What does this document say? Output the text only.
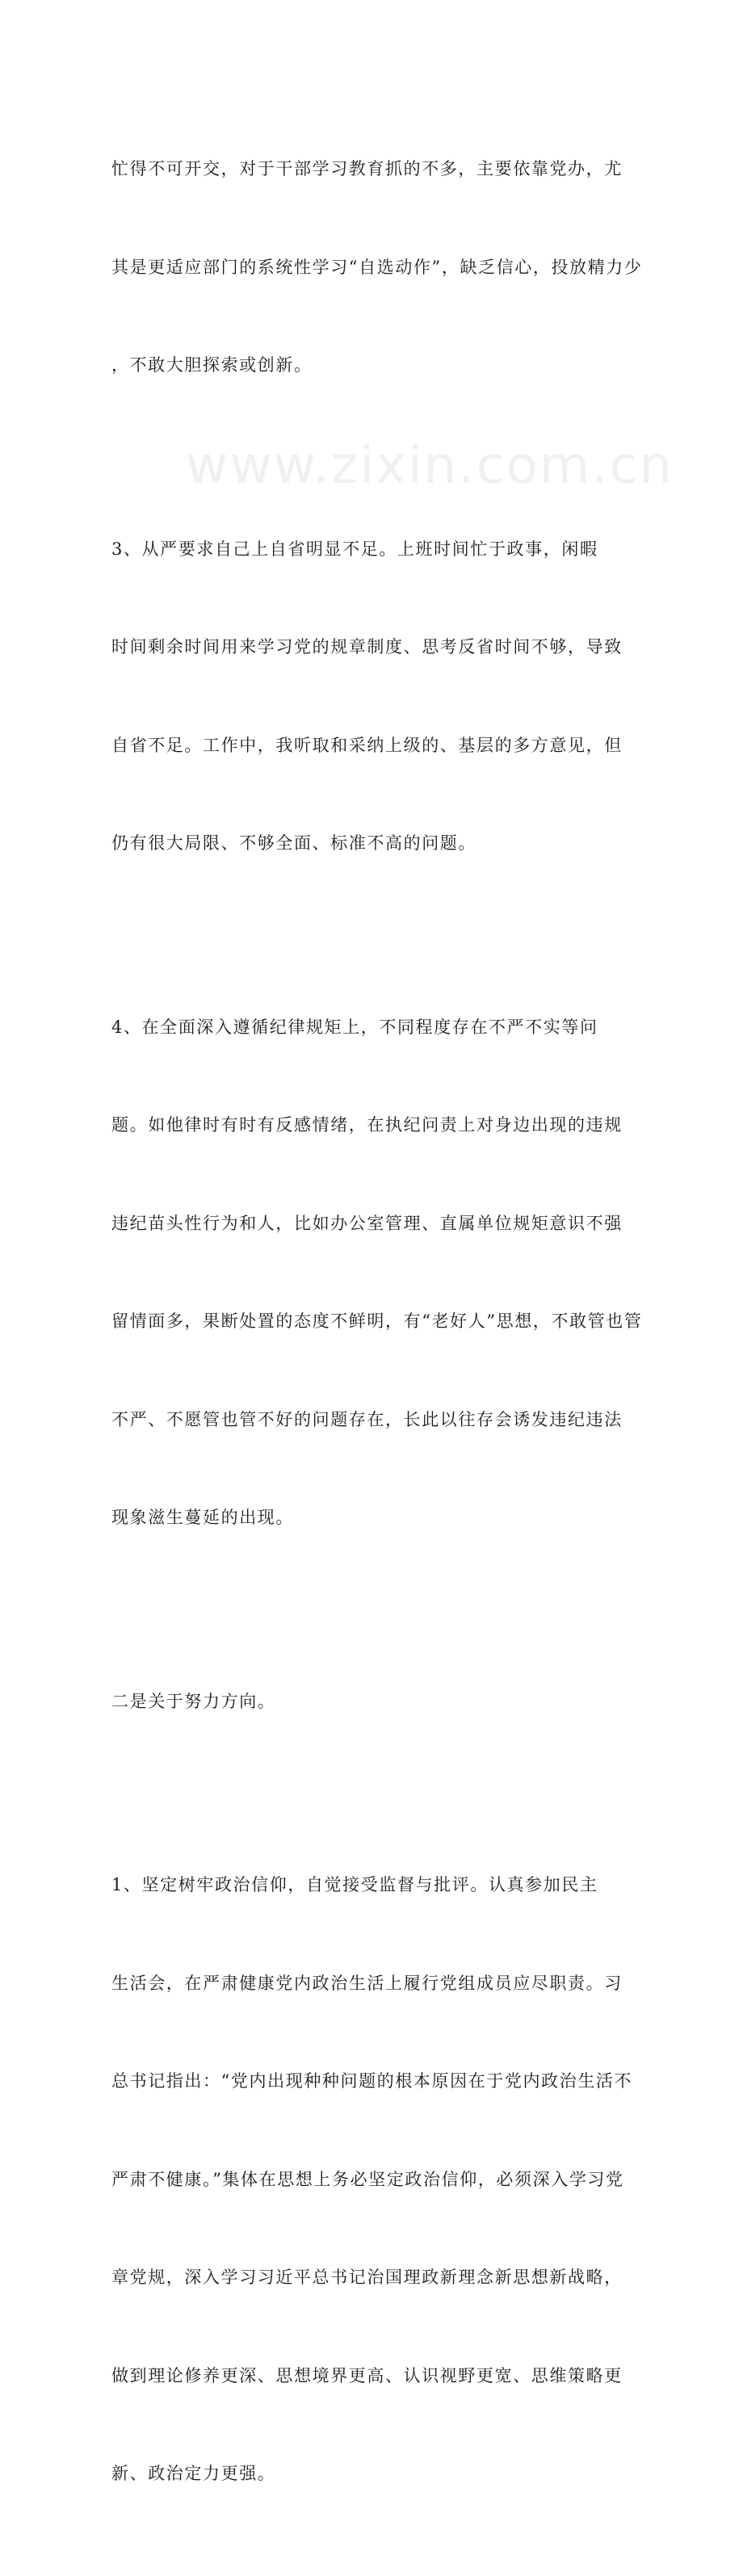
www.zixin.com.cn

忙得不可开交，对于干部学习教育抓的不多，主要依靠党办，尤

其是更适应部门的系统性学习“自选动作”，缺乏信心，投放精力少

，不敢大胆探索或创新。

3、从严要求自己上自省明显不足。上班时间忙于政事，闲暇

时间剩余时间用来学习党的规章制度、思考反省时间不够，导致

自省不足。工作中，我听取和采纳上级的、基层的多方意见，但

仍有很大局限、不够全面、标准不高的问题。

4、在全面深入遵循纪律规矩上，不同程度存在不严不实等问

题。如他律时有时有反感情绪，在执纪问责上对身边出现的违规

违纪苗头性行为和人，比如办公室管理、直属单位规矩意识不强

留情面多，果断处置的态度不鲜明，有“老好人”思想，不敢管也管

不严、不愿管也管不好的问题存在，长此以往存会诱发违纪违法

现象滋生蔓延的出现。

二是关于努力方向。

1、坚定树牢政治信仰，自觉接受监督与批评。认真参加民主

生活会，在严肃健康党内政治生活上履行党组成员应尽职责。习

总书记指出：“党内出现种种问题的根本原因在于党内政治生活不

严肃不健康。”集体在思想上务必坚定政治信仰，必须深入学习党

章党规，深入学习习近平总书记治国理政新理念新思想新战略，

做到理论修养更深、思想境界更高、认识视野更宽、思维策略更

新、政治定力更强。
